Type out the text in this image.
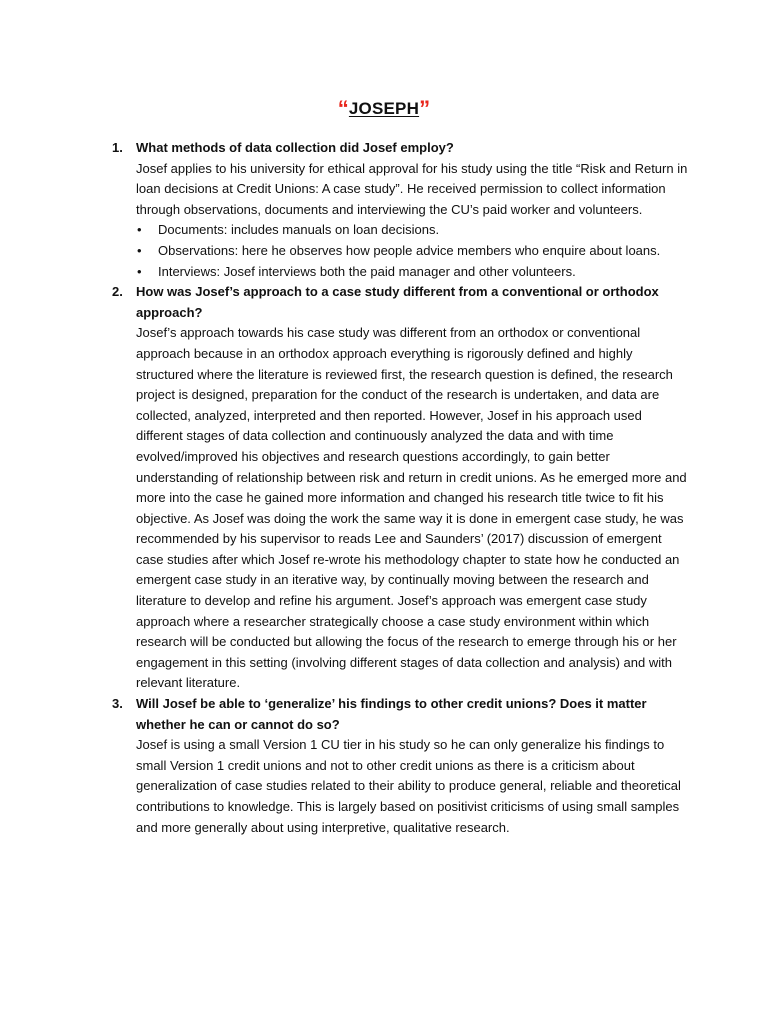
“JOSEPH”
1. What methods of data collection did Josef employ?
Josef applies to his university for ethical approval for his study using the title “Risk and Return in loan decisions at Credit Unions: A case study”. He received permission to collect information through observations, documents and interviewing the CU’s paid worker and volunteers.
• Documents: includes manuals on loan decisions.
• Observations: here he observes how people advice members who enquire about loans.
• Interviews: Josef interviews both the paid manager and other volunteers.
2. How was Josef’s approach to a case study different from a conventional or orthodox approach?
Josef’s approach towards his case study was different from an orthodox or conventional approach because in an orthodox approach everything is rigorously defined and highly structured where the literature is reviewed first, the research question is defined, the research project is designed, preparation for the conduct of the research is undertaken, and data are collected, analyzed, interpreted and then reported. However, Josef in his approach used different stages of data collection and continuously analyzed the data and with time evolved/improved his objectives and research questions accordingly, to gain better understanding of relationship between risk and return in credit unions. As he emerged more and more into the case he gained more information and changed his research title twice to fit his objective. As Josef was doing the work the same way it is done in emergent case study, he was recommended by his supervisor to reads Lee and Saunders’ (2017) discussion of emergent case studies after which Josef re-wrote his methodology chapter to state how he conducted an emergent case study in an iterative way, by continually moving between the research and literature to develop and refine his argument. Josef’s approach was emergent case study approach where a researcher strategically choose a case study environment within which research will be conducted but allowing the focus of the research to emerge through his or her engagement in this setting (involving different stages of data collection and analysis) and with relevant literature.
3. Will Josef be able to ‘generalize’ his findings to other credit unions? Does it matter whether he can or cannot do so?
Josef is using a small Version 1 CU tier in his study so he can only generalize his findings to small Version 1 credit unions and not to other credit unions as there is a criticism about generalization of case studies related to their ability to produce general, reliable and theoretical contributions to knowledge. This is largely based on positivist criticisms of using small samples and more generally about using interpretive, qualitative research.
